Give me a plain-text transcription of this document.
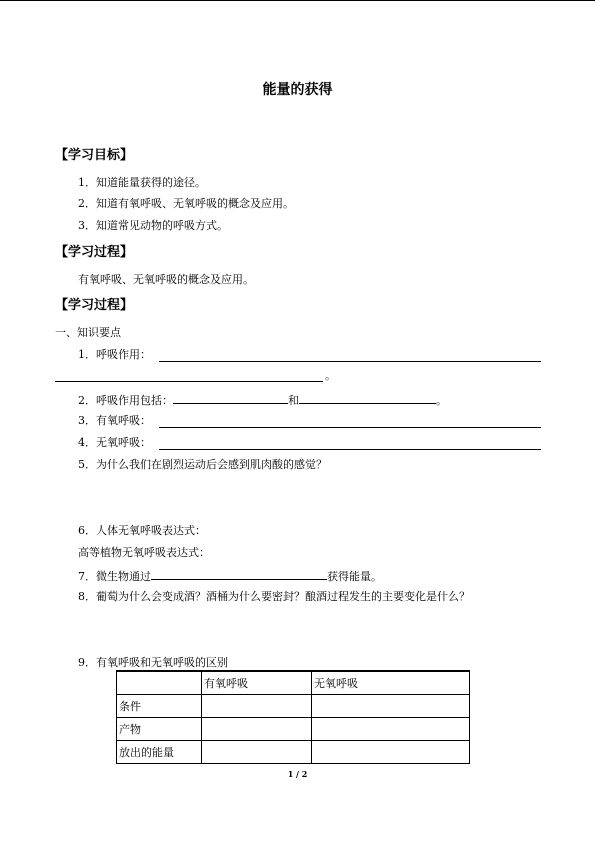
能量的获得
【学习目标】
1．知道能量获得的途径。
2．知道有氧呼吸、无氧呼吸的概念及应用。
3．知道常见动物的呼吸方式。
【学习过程】
有氧呼吸、无氧呼吸的概念及应用。
【学习过程】
一、知识要点
1．呼吸作用：
。
2．呼吸作用包括：	和	。
3．有氧呼吸：
4．无氧呼吸：
5．为什么我们在剧烈运动后会感到肌肉酸的感觉？
6．人体无氧呼吸表达式：
高等植物无氧呼吸表达式：
7．微生物通过	获得能量。
8．葡萄为什么会变成酒？酒桶为什么要密封？酿酒过程发生的主要变化是什么？
9．有氧呼吸和无氧呼吸的区别
	有氧呼吸	无氧呼吸
条件		
产物		
放出的能量		
1 / 2
